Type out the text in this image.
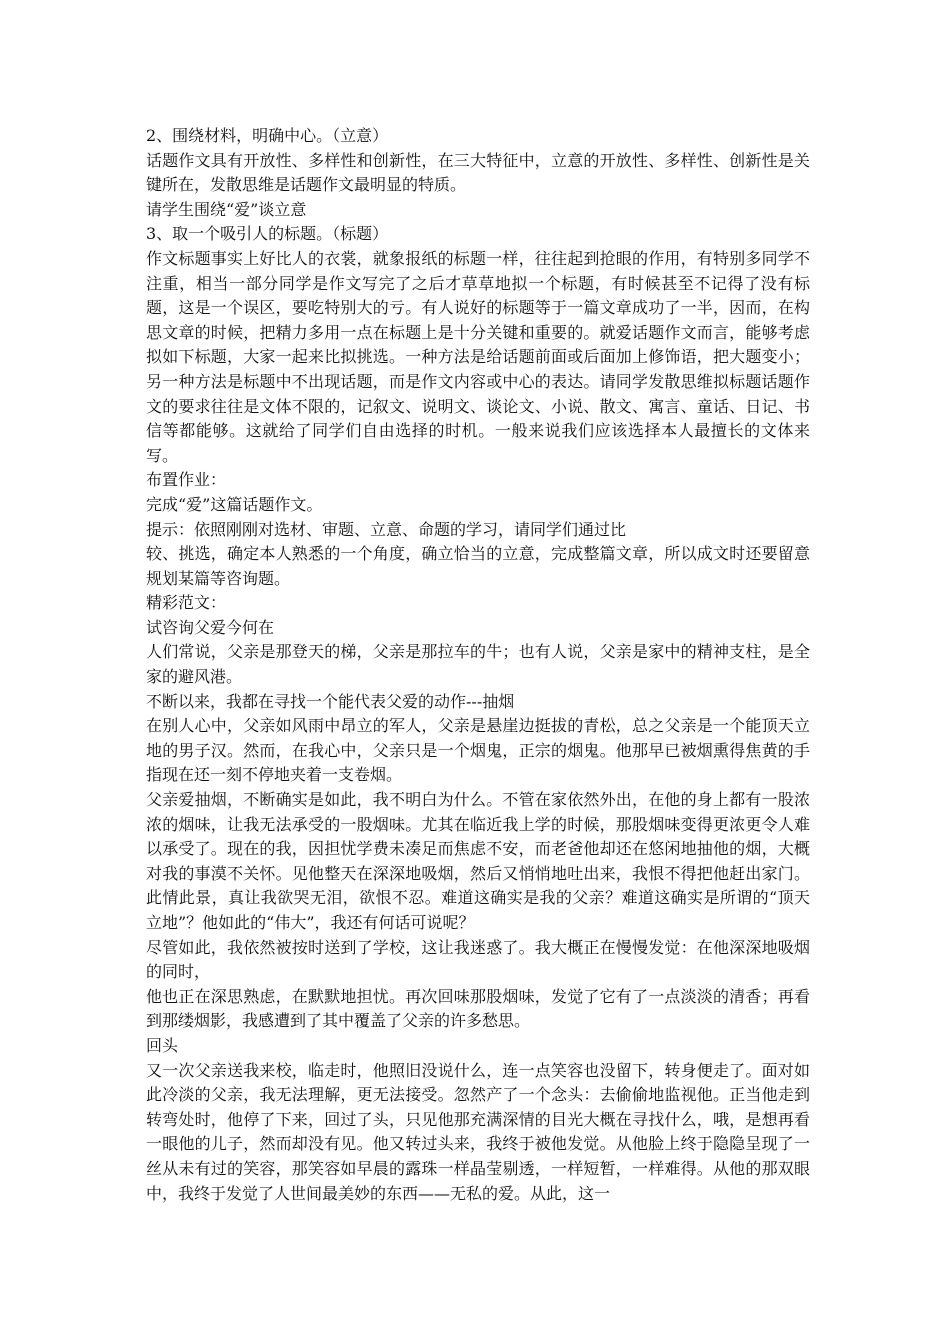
2、围绕材料，明确中心。（立意）

话题作文具有开放性、多样性和创新性，在三大特征中，立意的开放性、多样性、创新性是关键所在，发散思维是话题作文最明显的特质。

请学生围绕“爱”谈立意

3、取一个吸引人的标题。（标题）

作文标题事实上好比人的衣裳，就象报纸的标题一样，往往起到抢眼的作用，有特别多同学不注重，相当一部分同学是作文写完了之后才草草地拟一个标题，有时候甚至不记得了没有标题，这是一个误区，要吃特别大的亏。有人说好的标题等于一篇文章成功了一半，因而，在构思文章的时候，把精力多用一点在标题上是十分关键和重要的。就爱话题作文而言，能够考虑拟如下标题，大家一起来比拟挑选。一种方法是给话题前面或后面加上修饰语，把大题变小；另一种方法是标题中不出现话题，而是作文内容或中心的表达。请同学发散思维拟标题话题作文的要求往往是文体不限的，记叙文、说明文、谈论文、小说、散文、寓言、童话、日记、书信等都能够。这就给了同学们自由选择的时机。一般来说我们应该选择本人最擅长的文体来写。

布置作业：

完成“爱”这篇话题作文。

提示：依照刚刚对选材、审题、立意、命题的学习，请同学们通过比

较、挑选，确定本人熟悉的一个角度，确立恰当的立意，完成整篇文章，所以成文时还要留意规划某篇等咨询题。

精彩范文：

试咨询父爱今何在

人们常说，父亲是那登天的梯，父亲是那拉车的牛；也有人说，父亲是家中的精神支柱，是全家的避风港。

不断以来，我都在寻找一个能代表父爱的动作---抽烟

在别人心中，父亲如风雨中昂立的军人，父亲是悬崖边挺拔的青松，总之父亲是一个能顶天立地的男子汉。然而，在我心中，父亲只是一个烟鬼，正宗的烟鬼。他那早已被烟熏得焦黄的手指现在还一刻不停地夹着一支卷烟。

父亲爱抽烟，不断确实是如此，我不明白为什么。不管在家依然外出，在他的身上都有一股浓浓的烟味，让我无法承受的一股烟味。尤其在临近我上学的时候，那股烟味变得更浓更令人难以承受了。现在的我，因担忧学费未凑足而焦虑不安，而老爸他却还在悠闲地抽他的烟，大概对我的事漠不关怀。见他整天在深深地吸烟，然后又悄悄地吐出来，我恨不得把他赶出家门。此情此景，真让我欲哭无泪，欲恨不忍。难道这确实是我的父亲？难道这确实是所谓的“顶天立地”？他如此的“伟大”，我还有何话可说呢？

尽管如此，我依然被按时送到了学校，这让我迷惑了。我大概正在慢慢发觉：在他深深地吸烟的同时，

他也正在深思熟虑，在默默地担忧。再次回味那股烟味，发觉了它有了一点淡淡的清香；再看到那缕烟影，我感遭到了其中覆盖了父亲的许多愁思。

回头

又一次父亲送我来校，临走时，他照旧没说什么，连一点笑容也没留下，转身便走了。面对如此冷淡的父亲，我无法理解，更无法接受。忽然产了一个念头：去偷偷地监视他。正当他走到转弯处时，他停了下来，回过了头，只见他那充满深情的目光大概在寻找什么，哦，是想再看一眼他的儿子，然而却没有见。他又转过头来，我终于被他发觉。从他脸上终于隐隐呈现了一丝从未有过的笑容，那笑容如早晨的露珠一样晶莹剔透，一样短暂，一样难得。从他的那双眼中，我终于发觉了人世间最美妙的东西——无私的爱。从此，这一
